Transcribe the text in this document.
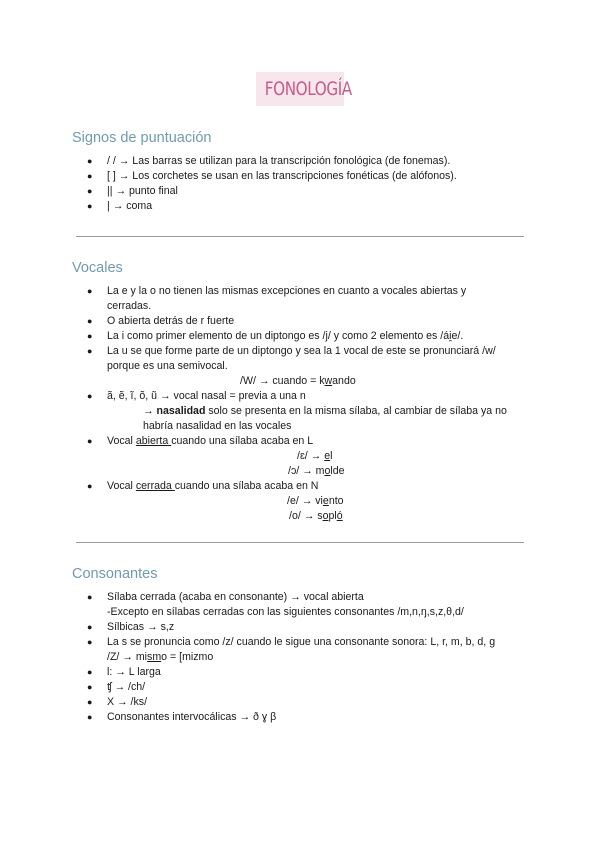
FONOLOGÍA
Signos de puntuación
● / / → Las barras se utilizan para la transcripción fonológica (de fonemas).
● [ ] → Los corchetes se usan en las transcripciones fonéticas (de alófonos).
● || → punto final
● | → coma
Vocales
● La e y la o no tienen las mismas excepciones en cuanto a vocales abiertas y
cerradas.
● O abierta detrás de r fuerte
● La i como primer elemento de un diptongo es /j/ y como 2 elemento es /ái̯e/.
● La u se que forme parte de un diptongo y sea la 1 vocal de este se pronunciará /w/
porque es una semivocal.
/W/ → cuando = kwando
● ã, ẽ, ĩ, õ, ũ → vocal nasal = previa a una n
→ nasalidad solo se presenta en la misma sílaba, al cambiar de sílaba ya no
habría nasalidad en las vocales
● Vocal abierta cuando una sílaba acaba en L
/ɛ/ → el
/ɔ/ → molde
● Vocal cerrada cuando una sílaba acaba en N
/e/ → viento
/o/ → sopló
Consonantes
● Sílaba cerrada (acaba en consonante) → vocal abierta
-Excepto en sílabas cerradas con las siguientes consonantes /m,n,ŋ,s,z,θ,d/
● Sílbicas → s,z
● La s se pronuncia como /z/ cuando le sigue una consonante sonora: L, r, m, b, d, g
/Z/ → mismo = [mizmo
● l: → L larga
● ʧ → /ch/
● X → /ks/
● Consonantes intervocálicas → ð ɣ β
